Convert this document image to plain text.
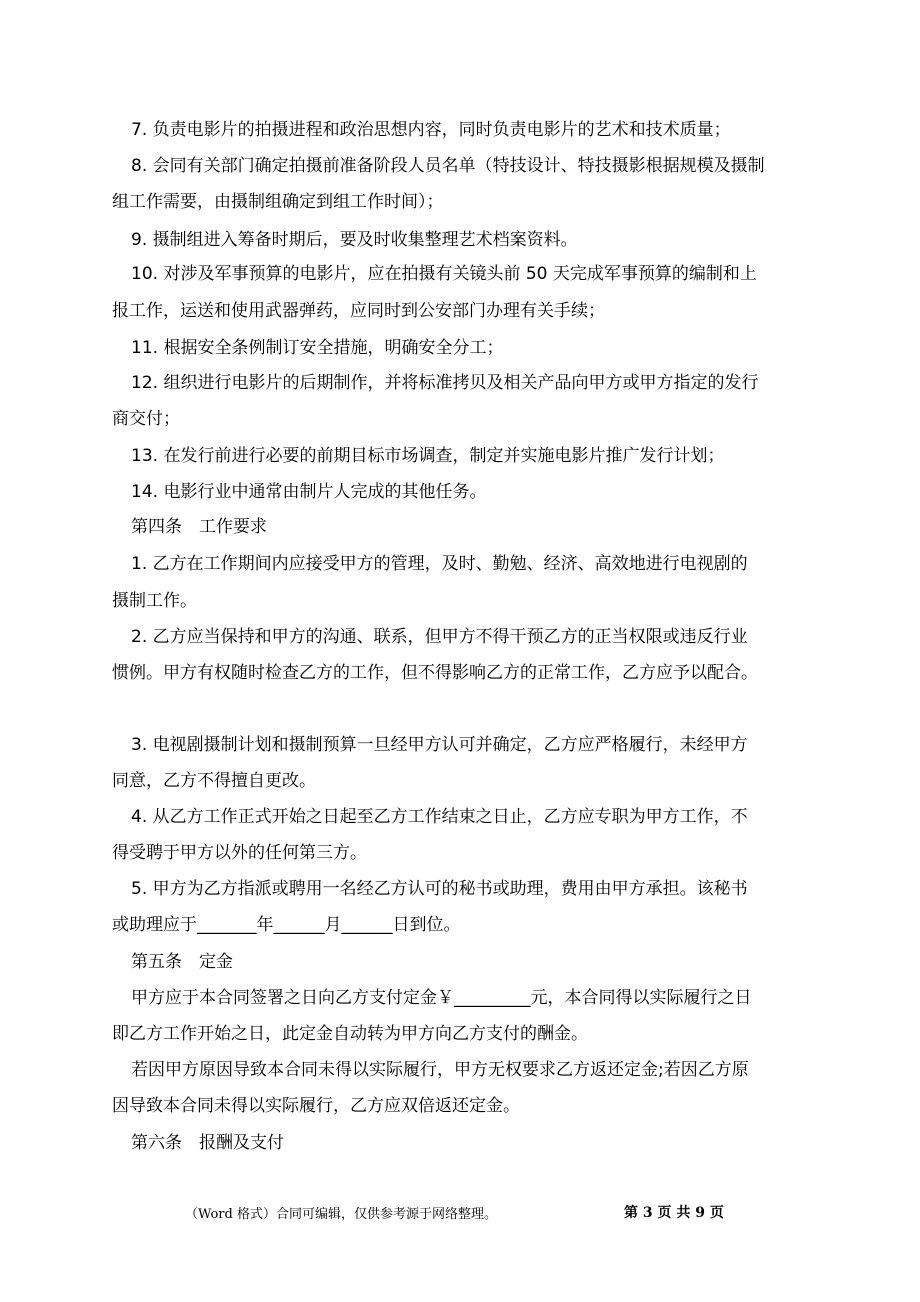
7. 负责电影片的拍摄进程和政治思想内容，同时负责电影片的艺术和技术质量；
8. 会同有关部门确定拍摄前准备阶段人员名单（特技设计、特技摄影根据规模及摄制
组工作需要，由摄制组确定到组工作时间）；
9. 摄制组进入筹备时期后，要及时收集整理艺术档案资料。
10. 对涉及军事预算的电影片，应在拍摄有关镜头前 50 天完成军事预算的编制和上
报工作，运送和使用武器弹药，应同时到公安部门办理有关手续；
11. 根据安全条例制订安全措施，明确安全分工；
12. 组织进行电影片的后期制作，并将标准拷贝及相关产品向甲方或甲方指定的发行
商交付；
13. 在发行前进行必要的前期目标市场调查，制定并实施电影片推广发行计划；
14. 电影行业中通常由制片人完成的其他任务。
第四条　工作要求
1. 乙方在工作期间内应接受甲方的管理，及时、勤勉、经济、高效地进行电视剧的
摄制工作。
2. 乙方应当保持和甲方的沟通、联系，但甲方不得干预乙方的正当权限或违反行业
惯例。甲方有权随时检查乙方的工作，但不得影响乙方的正常工作，乙方应予以配合。
3. 电视剧摄制计划和摄制预算一旦经甲方认可并确定，乙方应严格履行，未经甲方
同意，乙方不得擅自更改。
4. 从乙方工作正式开始之日起至乙方工作结束之日止，乙方应专职为甲方工作，不
得受聘于甲方以外的任何第三方。
5. 甲方为乙方指派或聘用一名经乙方认可的秘书或助理，费用由甲方承担。该秘书
或助理应于_______年______月______日到位。
第五条　定金
甲方应于本合同签署之日向乙方支付定金￥_________元，本合同得以实际履行之日
即乙方工作开始之日，此定金自动转为甲方向乙方支付的酬金。
若因甲方原因导致本合同未得以实际履行，甲方无权要求乙方返还定金;若因乙方原
因导致本合同未得以实际履行，乙方应双倍返还定金。
第六条　报酬及支付
（Word 格式）合同可编辑，仅供参考源于网络整理。	第 3 页 共 9 页
